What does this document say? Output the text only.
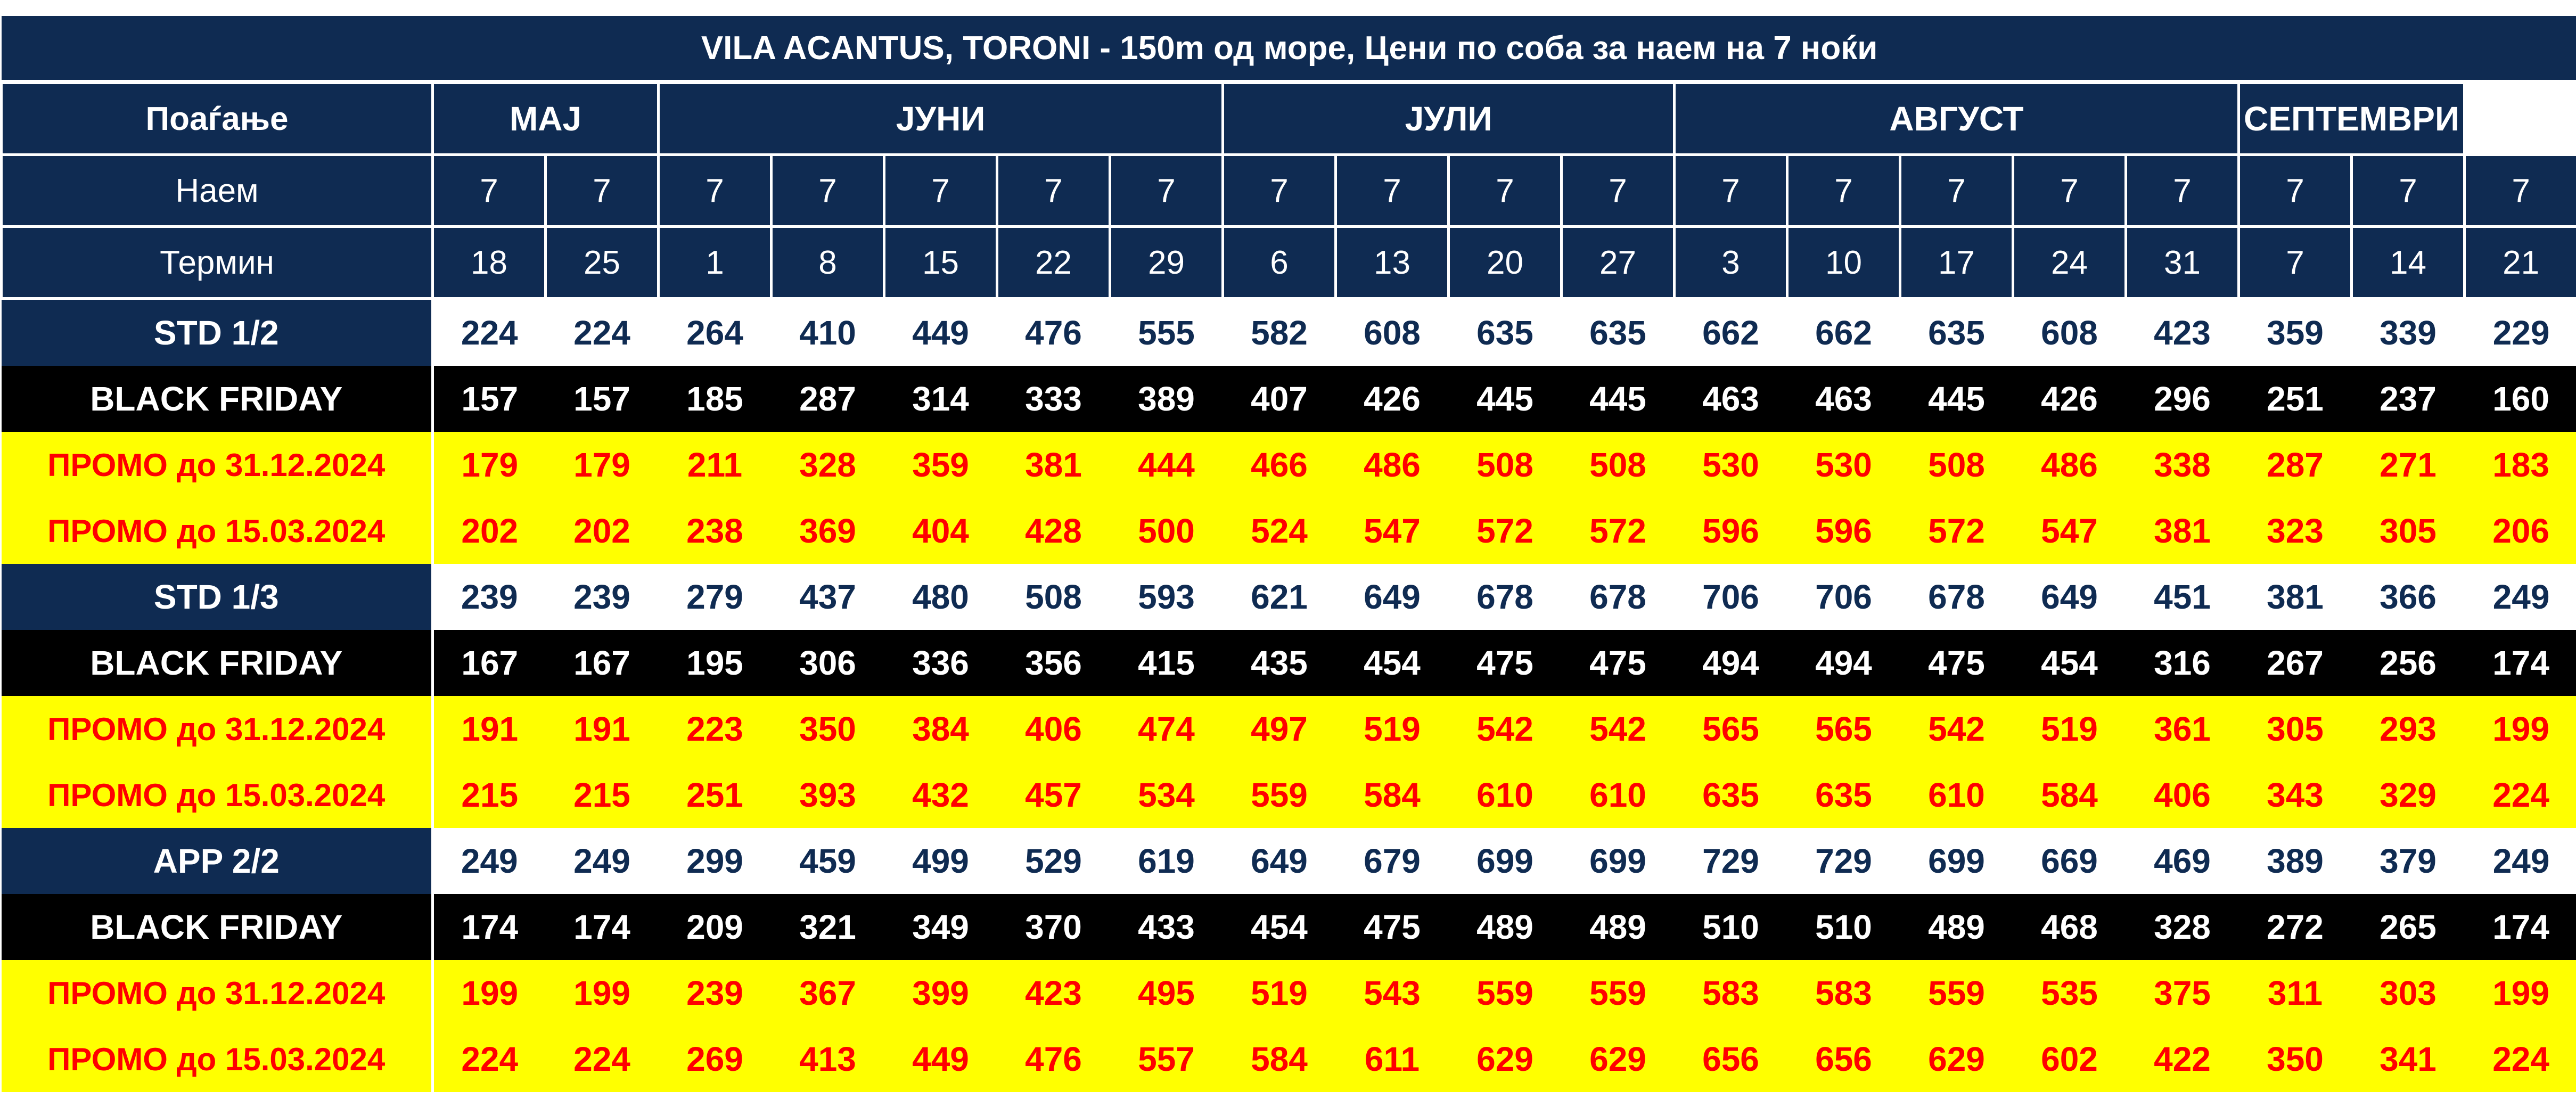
VILA ACANTUS, TORONI - 150m од море, Цени по соба за наем на 7 ноќи																			
Поаѓање	МАЈ		ЈУНИ					ЈУЛИ				АВГУСТ					СЕПТЕМВРИ		
Наем	7	7	7	7	7	7	7	7	7	7	7	7	7	7	7	7	7	7	7
Термин	18	25	1	8	15	22	29	6	13	20	27	3	10	17	24	31	7	14	21
STD 1/2	224	224	264	410	449	476	555	582	608	635	635	662	662	635	608	423	359	339	229
BLACK FRIDAY	157	157	185	287	314	333	389	407	426	445	445	463	463	445	426	296	251	237	160
ПРОМО до 31.12.2024	179	179	211	328	359	381	444	466	486	508	508	530	530	508	486	338	287	271	183
ПРОМО до 15.03.2024	202	202	238	369	404	428	500	524	547	572	572	596	596	572	547	381	323	305	206
STD 1/3	239	239	279	437	480	508	593	621	649	678	678	706	706	678	649	451	381	366	249
BLACK FRIDAY	167	167	195	306	336	356	415	435	454	475	475	494	494	475	454	316	267	256	174
ПРОМО до 31.12.2024	191	191	223	350	384	406	474	497	519	542	542	565	565	542	519	361	305	293	199
ПРОМО до 15.03.2024	215	215	251	393	432	457	534	559	584	610	610	635	635	610	584	406	343	329	224
APP 2/2	249	249	299	459	499	529	619	649	679	699	699	729	729	699	669	469	389	379	249
BLACK FRIDAY	174	174	209	321	349	370	433	454	475	489	489	510	510	489	468	328	272	265	174
ПРОМО до 31.12.2024	199	199	239	367	399	423	495	519	543	559	559	583	583	559	535	375	311	303	199
ПРОМО до 15.03.2024	224	224	269	413	449	476	557	584	611	629	629	656	656	629	602	422	350	341	224
